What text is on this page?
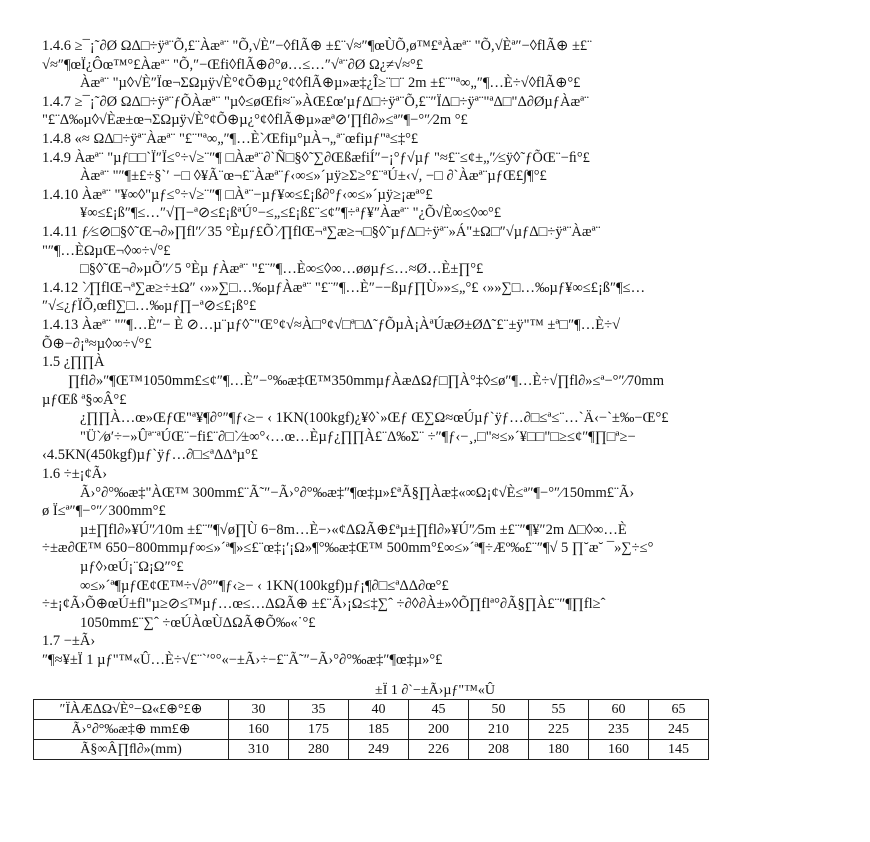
1.4.6 ≥¯¡˜∂Ø ΩΔ□÷ÿª¨Õ,£¨Àæª¨ "Õ,√È″−◊flÃ⊕ ±£¨√≈″¶œÙÕ,ø™£ªÀæª¨ "Õ,√Èª″−◊flÃ⊕ ±£¨
√≈″¶œÏ¿Ôœ™°£Àæª¨ "Õ,″−Œfi◊flÃ⊕∂°ø…≤…″√ª¨∂Ø Ω¿≠√≈°£
Àæª¨ "µ◊√È″Ïœ¬ΣΩµÿ√È°¢Õ⊕µ¿°¢◊flÃ⊕µ»æ‡¿Î≥¨□¨ 2m ±£¨"ª∞„″¶…È÷√◊flÃ⊕°£
1.4.7 ≥¯¡˜∂Ø ΩΔ□÷ÿª¨ƒÕÀæª¨ "µ◊≤øŒfi≈¨»ÀŒ£œ′µƒΔ□÷ÿª¨Õ,£¨″ÏΔ□÷ÿª¨"ªΔ□"Δ∂ØµƒÀæª¨
"£¨∆‰µ◊√Èæ±œ¬ΣΩµÿ√È°¢Õ⊕µ¿°¢◊flÃ⊕µ»æª⊘′∏fl∂»≤ª″¶−°″⁄2m °£
1.4.8 «≈ ΩΔ□÷ÿª¨Àæª¨ "£¨"ª∞„″¶…È`⁄Œfiµ°µÀ¬„ª¨œfiµƒ"ª≤‡°£
1.4.9 Àæª¨ "µƒ□□`Ï″Ï≤°÷√≥¨″¶ □Àæª¨∂`Ñ□§◊˜∑∂ŒßæfiÍ″−¡°ƒ√µƒ "≈£¨≤¢±„″⁄≤ÿ◊˜ƒÕŒ¨−ﬁ°£
Àæª¨ "″¶±£÷§`′ −□ ◊¥Ã¨œ¬£¨Àæª¨ƒ‹∞≤»´µÿ≥Σ≥°£¨ªÚ±‹√, −□ ∂`Àæª¨µƒŒ£∫¶°£
1.4.10 Àæª¨ "¥∞◊"µƒ≤°÷√≥¨″¶ □Àª¨−µƒ¥∞≤£¡ß∂°ƒ‹∞≤»´µÿ≥¡æª°£
¥∞≤£¡ß″¶≤…″√∏−ª⊘≤£¡ßªÚ°−≤„≤£¡ß£¨≤¢″¶÷ªƒ¥″Àæª¨ "¿Õ√È∞≤◊∞°£
1.4.11 ƒ⁄≤⊘□§◊˜Œ¬∂»∏fl″⁄ 35 °Èµƒ£Õ`⁄∏flŒ¬ª∑æ≥¬□§◊˜µƒΔ□÷ÿª¨»Á"±Ω□″√µƒΔ□÷ÿª¨Àæª¨
"″¶…ÈΩµŒ¬◊∞÷√°£
□§◊˜Œ¬∂»µÕ″⁄ 5 °Èµ ƒÀæª¨ "£¨″¶…È∞≤◊∞…øøµƒ≤…≈Ø…È±∏°£
1.4.12 `⁄∏flŒ¬ª∑æ≥÷±Ω″ ‹»»∑□…‰µƒÀæª¨ "£¨″¶…È″−−ßµƒ∏Ù»»≤„°£ ‹»»∑□…‰µƒ¥∞≤£¡ß″¶≤…
″√≤¿ƒÏÕ,œfl∑□…‰µƒ∏−ª⊘≤£¡ß°£
1.4.13 Àæª¨ "″¶…È″− È ⊘…µ¨µƒ◊˜"Œ°¢√≈À□°¢√□ª□Δ˜ƒÕµÀ¡ÀªÚæØ±Ø∆˜£¨±ÿ"™ ±ª□″¶…È÷√
Õ⊕−∂¡ª≈µ◊∞÷√°£
1.5 ¿∏∏À
∏fl∂»″¶Œ™1050mm£≤¢″¶…È″−°‰æ‡Œ™350mmµƒÀæΔΩƒ□∏À°‡◊≤ø″¶…È÷√∏fl∂»≤ª−°″⁄70mm
µƒŒß ª§∞Â°£
¿∏∏À…œ»ŒƒŒ"ª¥¶∂°″¶ƒ‹≥− ‹ 1KN(100kgf)¿¥◊`»Œƒ Œ∑Ω≈œÚµƒ`ÿƒ…∂□≤ª≤¨…`Ä‹−`±‰−Œ°£
"Ü`⁄ø′÷−»Ûª¨ªÚŒ¨−fi£¨∂□`⁄±∞°‹…œ…Èµƒ¿∏∏À£¨Δ‰Σ¨ ÷″¶ƒ‹−¸,□"≈≤»´¥□□"□≥≤¢″¶∏□ª≥−
‹4.5KN(450kgf)µƒ`ÿƒ…∂□≤ªΔΔªµ°£
1.6 ÷±¡¢Ã›
Ã›°∂°‰æ‡"ÀŒ™ 300mm£¨Ã˜″−Ã›°∂°‰æ‡″¶œ‡µ»£ªÃ§∏Àæ‡«∞Ω¡¢√È≤ª″¶−°″⁄150mm£¨Ã›
ø Ï≤ª″¶−°″⁄ 300mm°£
µ±∏fl∂»¥Ú″⁄10m ±£¨″¶√ø∏Ù 6−8m…È−›«¢ΔΩÃ⊕£ªµ±∏fl∂»¥Ú″⁄5m ±£¨″¶¥″2m Δ□◊∞…È
÷±æ∂Œ™ 650−800mmµƒ∞≤»´ª¶»≤£¨œ‡¡′¡Ω»¶°‰æ‡Œ™ 500mm°£∞≤»´ª¶÷Æº‰£¨″¶√ 5 ∏˘æ˘ ¯»∑÷≤°
µƒ◊›œÚ¡¨Ω¡Ω″°£
∞≤»´ª¶µƒŒ¢Œ™÷√∂°″¶ƒ‹≥− ‹ 1KN(100kgf)µƒ¡¶∂□≤ªΔΔ∂œ°£
÷±¡¢Ã›Õ⊕œÚ±fl"µ≥⊘≤™µƒ…œ≤…ΔΩÃ⊕ ±£¨Ã›¡Ω≤‡∑ˆ ÷∂◊∂À±»◊Õ∏flª°∂Ã§∏À£¨″¶∏fl≥ˆ
1050mm£¨∑ˆ ÷œÚÀœÙΔΩÃ⊕Õ‰«˙°£
1.7 −±Ã›
″¶≈¥±Ï 1 µƒ"™«Û…È÷√£¨`′°°«−±Ã›÷−£¨Ã˜″−Ã›°∂°‰æ‡″¶œ‡µ»°£
±Ï 1 ∂`−±Ã›µƒ"™«Û
″ÏÀÆΔΩ√È°−Ω«£⊕°£⊕	30	35	40	45	50	55	60	65
Ã›°∂°‰æ‡⊕ mm£⊕	160	175	185	200	210	225	235	245
Ã§∞Â∏ﬂ∂»(mm)	310	280	249	226	208	180	160	145
